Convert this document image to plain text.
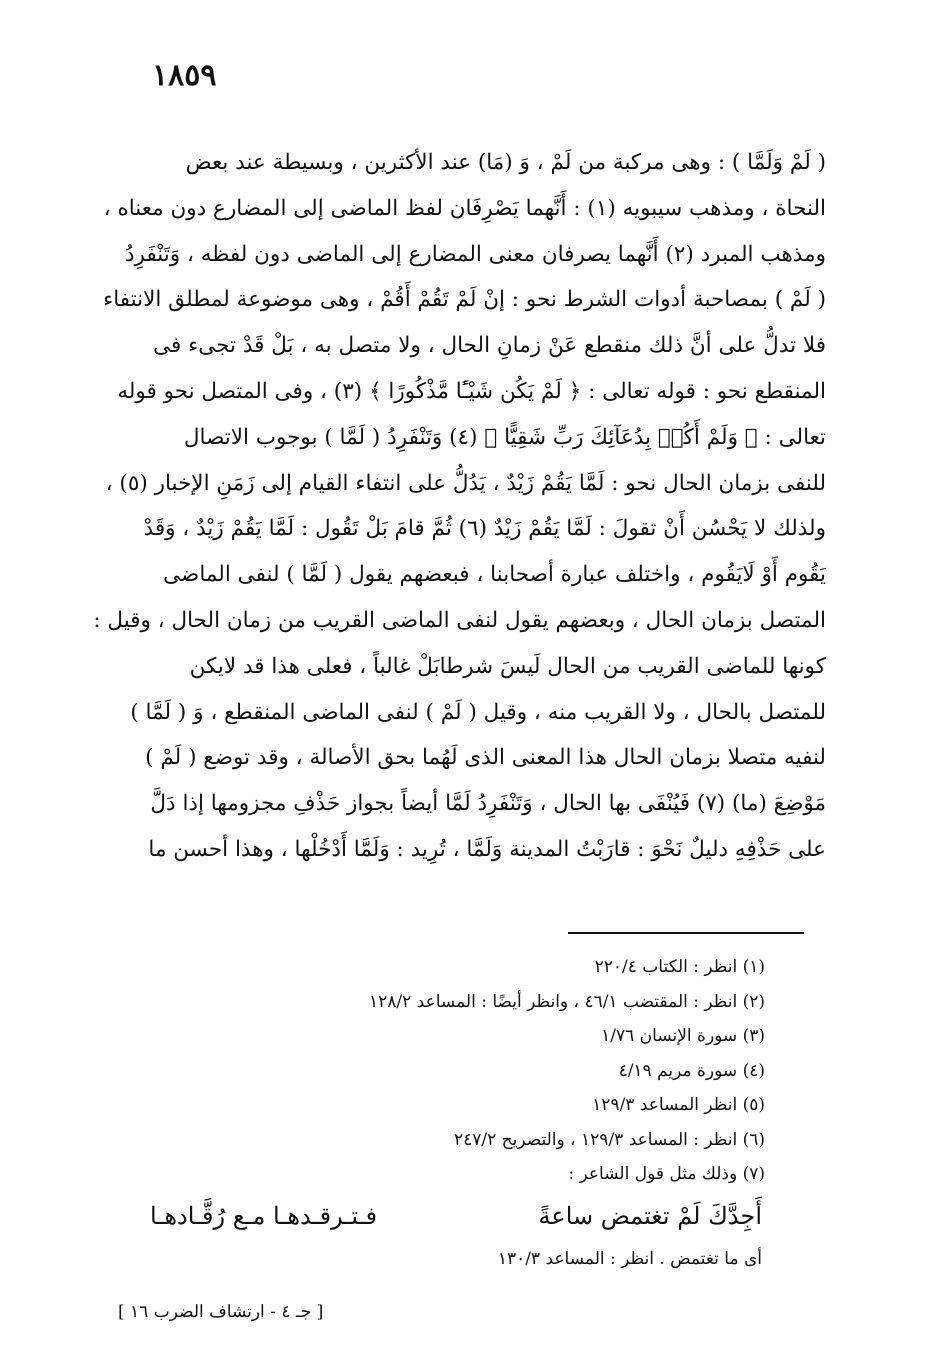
١٨٥٩
( لَمْ وَلَمَّا ) : وهى مركبة من لَمْ ، وَ (مَا) عند الأكثرين ، وبسيطة عند بعض
النحاة ، ومذهب سيبويه (١) : أَنَّهما يَصْرِفَان لفظ الماضى إلى المضارع دون معناه ،
ومذهب المبرد (٢) أَنَّهما يصرفان معنى المضارع إلى الماضى دون لفظه ، وَتَنْفَرِدُ
( لَمْ ) بمصاحبة أدوات الشرط نحو : إنْ لَمْ تَقُمْ أَقُمْ ، وهى موضوعة لمطلق الانتفاء
فلا تدلُّ على أنَّ ذلك منقطع عَنْ زمانِ الحال ، ولا متصل به ، بَلْ قَدْ تجىء فى
المنقطع نحو : قوله تعالى : ﴿ لَمْ يَكُن شَيْـًٔا مَّذْكُورًا ﴾ (٣) ، وفى المتصل نحو قوله
تعالى : ﴿ وَلَمْ أَكُنۢ بِدُعَآئِكَ رَبِّ شَقِيًّا ﴾ (٤) وَتَنْفَرِدُ ( لَمَّا ) بوجوب الاتصال
للنفى بزمان الحال نحو : لَمَّا يَقُمْ زَيْدٌ ، يَدُلُّ على انتفاء القيام إلى زَمَنِ الإخبار (٥) ،
ولذلك لا يَحْسُن أَنْ تقولَ : لَمَّا يَقُمْ زَيْدٌ (٦) ثُمَّ قامَ بَلْ تَقُول : لَمَّا يَقُمْ زَيْدٌ ، وَقَدْ
يَقُوم أَوْ لَايَقُوم ، واختلف عبارة أصحابنا ، فبعضهم يقول ( لَمَّا ) لنفى الماضى
المتصل بزمان الحال ، وبعضهم يقول لنفى الماضى القريب من زمان الحال ، وقيل :
كونها للماضى القريب من الحال لَيسَ شرطابَلْ غالباً ، فعلى هذا قد لايكن
للمتصل بالحال ، ولا القريب منه ، وقيل ( لَمْ ) لنفى الماضى المنقطع ، وَ ( لَمَّا )
لنفيه متصلا بزمان الحال هذا المعنى الذى لَهُما بحق الأصالة ، وقد توضع ( لَمْ )
مَوْضِعَ (ما) (٧) فَيُنْفَى بها الحال ، وَتَنْفَرِدُ لَمَّا أيضاً بجواز حَذْفِ مجزومها إذا دَلَّ
على حَذْفِهِ دليلٌ نَحْوَ : قارَبْتُ المدينة وَلَمَّا ، تُرِيد : وَلَمَّا أَدْخُلْها ، وهذا أحسن ما
(١) انظر : الكتاب ٢٢٠/٤
(٢) انظر : المقتضب ٤٦/١ ، وانظر أيضًا : المساعد ١٢٨/٢
(٣) سورة الإنسان ١/٧٦
(٤) سورة مريم ٤/١٩
(٥) انظر المساعد ١٢٩/٣
(٦) انظر : المساعد ١٢٩/٣ ، والتصريح ٢٤٧/٢
(٧) وذلك مثل قول الشاعر :
أَجِدَّكَ لَمْ تغتمض ساعةً
فـتـرقـدهـا مـع رُقَّـادهـا
أى ما تغتمض . انظر : المساعد ١٣٠/٣
[ جـ ٤ - ارتشاف الضرب ١٦ ]
